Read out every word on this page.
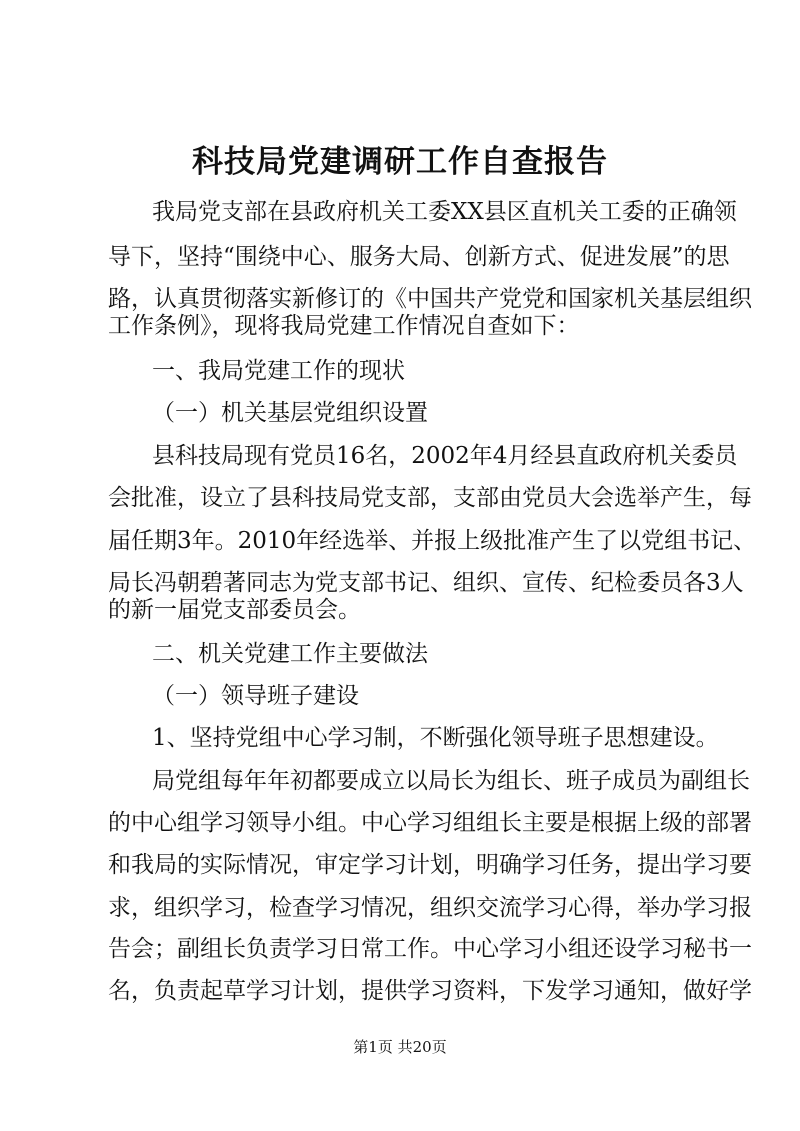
科技局党建调研工作自查报告

我局党支部在县政府机关工委XX县区直机关工委的正确领

导下，坚持“围绕中心、服务大局、创新方式、促进发展”的思

路，认真贯彻落实新修订的《中国共产党党和国家机关基层组织

工作条例》，现将我局党建工作情况自查如下：

一、我局党建工作的现状

（一）机关基层党组织设置

县科技局现有党员16名，2002年4月经县直政府机关委员

会批准，设立了县科技局党支部，支部由党员大会选举产生，每

届任期3年。2010年经选举、并报上级批准产生了以党组书记、

局长冯朝碧著同志为党支部书记、组织、宣传、纪检委员各3人

的新一届党支部委员会。

二、机关党建工作主要做法

（一）领导班子建设

1、坚持党组中心学习制，不断强化领导班子思想建设。

局党组每年年初都要成立以局长为组长、班子成员为副组长

的中心组学习领导小组。中心学习组组长主要是根据上级的部署

和我局的实际情况，审定学习计划，明确学习任务，提出学习要

求，组织学习，检查学习情况，组织交流学习心得，举办学习报

告会；副组长负责学习日常工作。中心学习小组还设学习秘书一

名，负责起草学习计划，提供学习资料，下发学习通知，做好学

第1页 共20页
